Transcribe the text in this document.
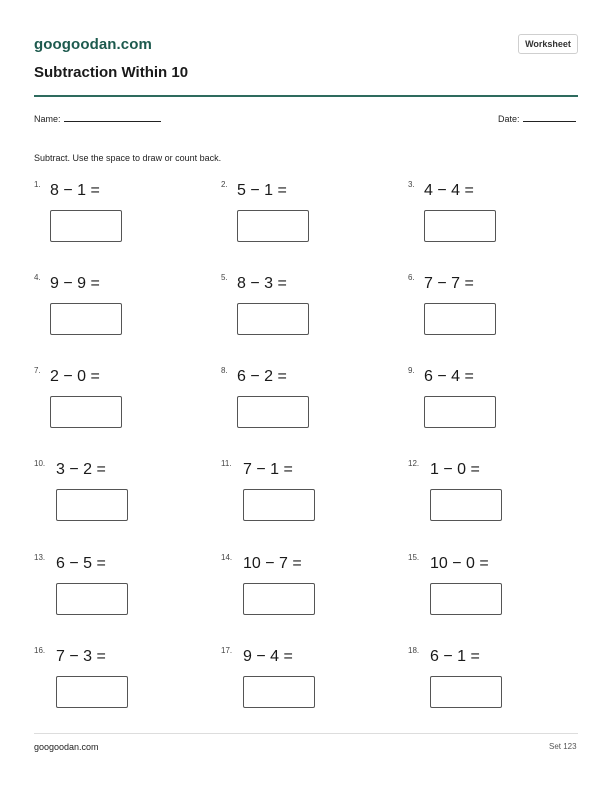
googoodan.com	Worksheet
Subtraction Within 10
Name:	Date:
Subtract. Use the space to draw or count back.
1. 8 − 1 =	2. 5 − 1 =	3. 4 − 4 =
4. 9 − 9 =	5. 8 − 3 =	6. 7 − 7 =
7. 2 − 0 =	8. 6 − 2 =	9. 6 − 4 =
10. 3 − 2 =	11. 7 − 1 =	12. 1 − 0 =
13. 6 − 5 =	14. 10 − 7 =	15. 10 − 0 =
16. 7 − 3 =	17. 9 − 4 =	18. 6 − 1 =
googoodan.com	Set 123
